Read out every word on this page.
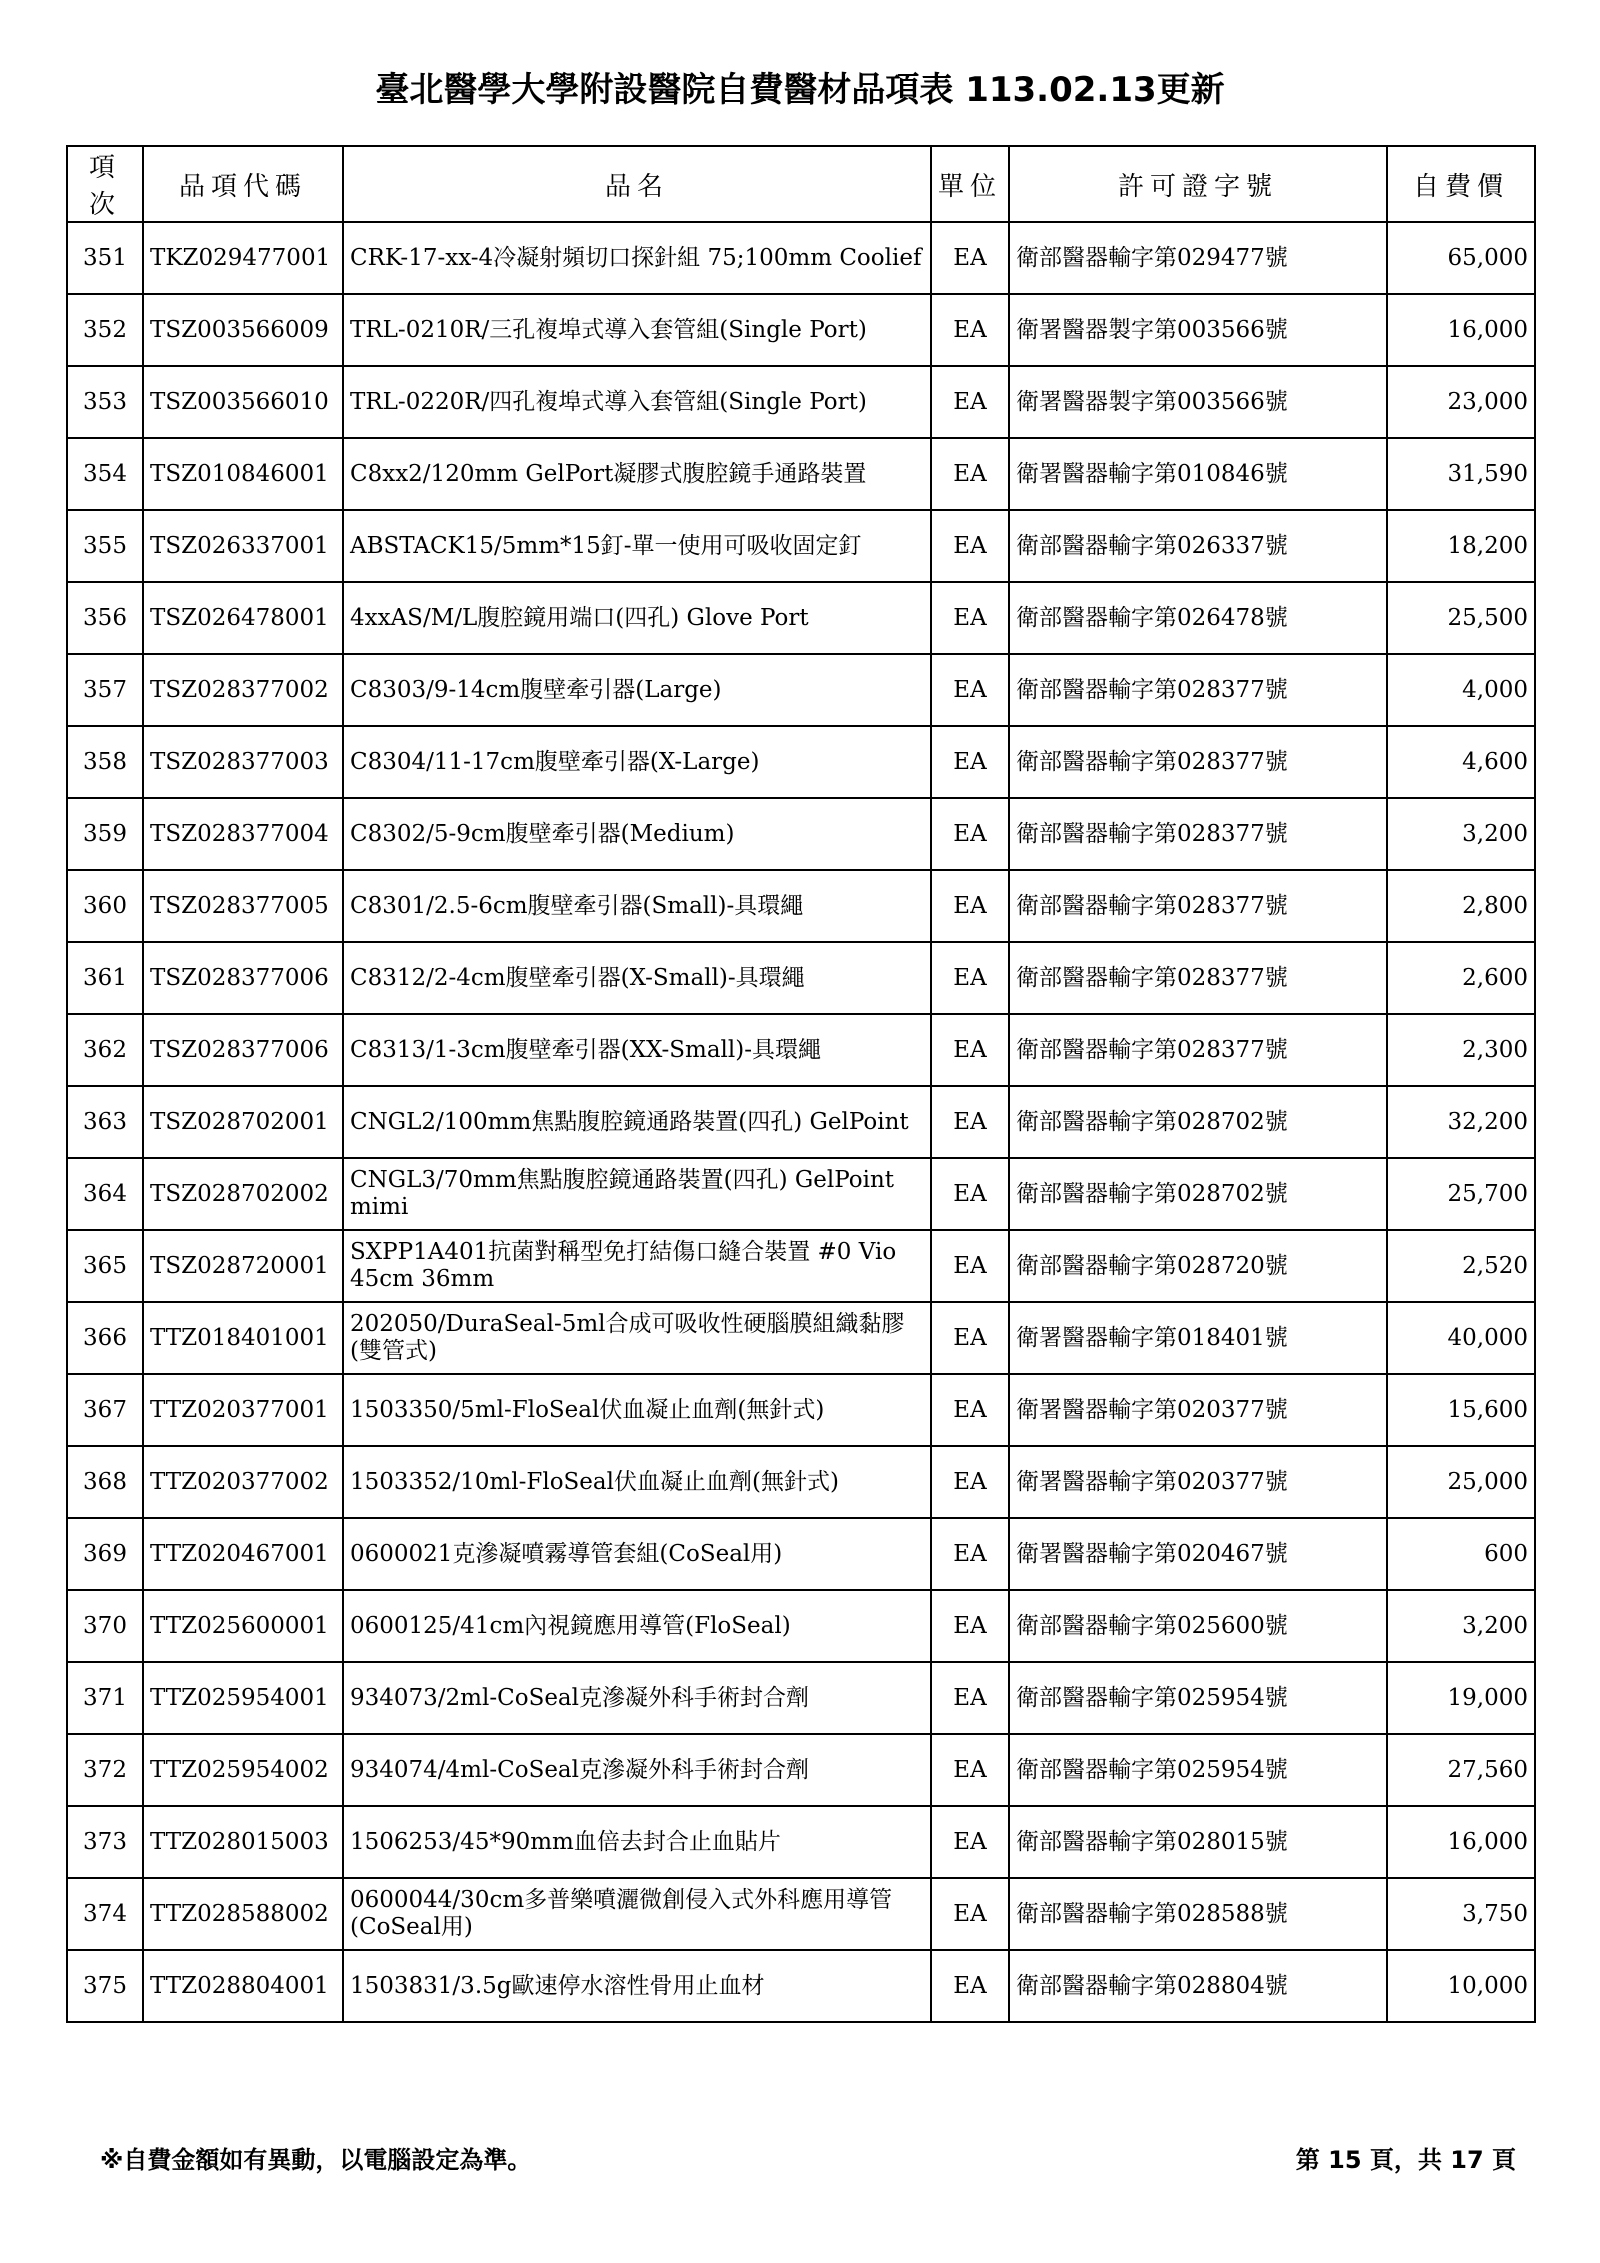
臺北醫學大學附設醫院自費醫材品項表 113.02.13更新
項次	品項代碼	品名	單位	許可證字號	自費價
351	TKZ029477001	CRK-17-xx-4冷凝射頻切口探針組 75;100mm Coolief	EA	衛部醫器輸字第029477號	65,000
352	TSZ003566009	TRL-0210R/三孔複埠式導入套管組(Single Port)	EA	衛署醫器製字第003566號	16,000
353	TSZ003566010	TRL-0220R/四孔複埠式導入套管組(Single Port)	EA	衛署醫器製字第003566號	23,000
354	TSZ010846001	C8xx2/120mm GelPort凝膠式腹腔鏡手通路裝置	EA	衛署醫器輸字第010846號	31,590
355	TSZ026337001	ABSTACK15/5mm*15釘-單一使用可吸收固定釘	EA	衛部醫器輸字第026337號	18,200
356	TSZ026478001	4xxAS/M/L腹腔鏡用端口(四孔) Glove Port	EA	衛部醫器輸字第026478號	25,500
357	TSZ028377002	C8303/9-14cm腹壁牽引器(Large)	EA	衛部醫器輸字第028377號	4,000
358	TSZ028377003	C8304/11-17cm腹壁牽引器(X-Large)	EA	衛部醫器輸字第028377號	4,600
359	TSZ028377004	C8302/5-9cm腹壁牽引器(Medium)	EA	衛部醫器輸字第028377號	3,200
360	TSZ028377005	C8301/2.5-6cm腹壁牽引器(Small)-具環繩	EA	衛部醫器輸字第028377號	2,800
361	TSZ028377006	C8312/2-4cm腹壁牽引器(X-Small)-具環繩	EA	衛部醫器輸字第028377號	2,600
362	TSZ028377006	C8313/1-3cm腹壁牽引器(XX-Small)-具環繩	EA	衛部醫器輸字第028377號	2,300
363	TSZ028702001	CNGL2/100mm焦點腹腔鏡通路裝置(四孔) GelPoint	EA	衛部醫器輸字第028702號	32,200
364	TSZ028702002	CNGL3/70mm焦點腹腔鏡通路裝置(四孔) GelPoint mimi	EA	衛部醫器輸字第028702號	25,700
365	TSZ028720001	SXPP1A401抗菌對稱型免打結傷口縫合裝置 #0 Vio 45cm 36mm	EA	衛部醫器輸字第028720號	2,520
366	TTZ018401001	202050/DuraSeal-5ml合成可吸收性硬腦膜組織黏膠(雙管式)	EA	衛署醫器輸字第018401號	40,000
367	TTZ020377001	1503350/5ml-FloSeal伏血凝止血劑(無針式)	EA	衛署醫器輸字第020377號	15,600
368	TTZ020377002	1503352/10ml-FloSeal伏血凝止血劑(無針式)	EA	衛署醫器輸字第020377號	25,000
369	TTZ020467001	0600021克滲凝噴霧導管套組(CoSeal用)	EA	衛署醫器輸字第020467號	600
370	TTZ025600001	0600125/41cm內視鏡應用導管(FloSeal)	EA	衛部醫器輸字第025600號	3,200
371	TTZ025954001	934073/2ml-CoSeal克滲凝外科手術封合劑	EA	衛部醫器輸字第025954號	19,000
372	TTZ025954002	934074/4ml-CoSeal克滲凝外科手術封合劑	EA	衛部醫器輸字第025954號	27,560
373	TTZ028015003	1506253/45*90mm血倍去封合止血貼片	EA	衛部醫器輸字第028015號	16,000
374	TTZ028588002	0600044/30cm多普樂噴灑微創侵入式外科應用導管(CoSeal用)	EA	衛部醫器輸字第028588號	3,750
375	TTZ028804001	1503831/3.5g歐速停水溶性骨用止血材	EA	衛部醫器輸字第028804號	10,000
※自費金額如有異動，以電腦設定為準。	第 15 頁，共 17 頁
